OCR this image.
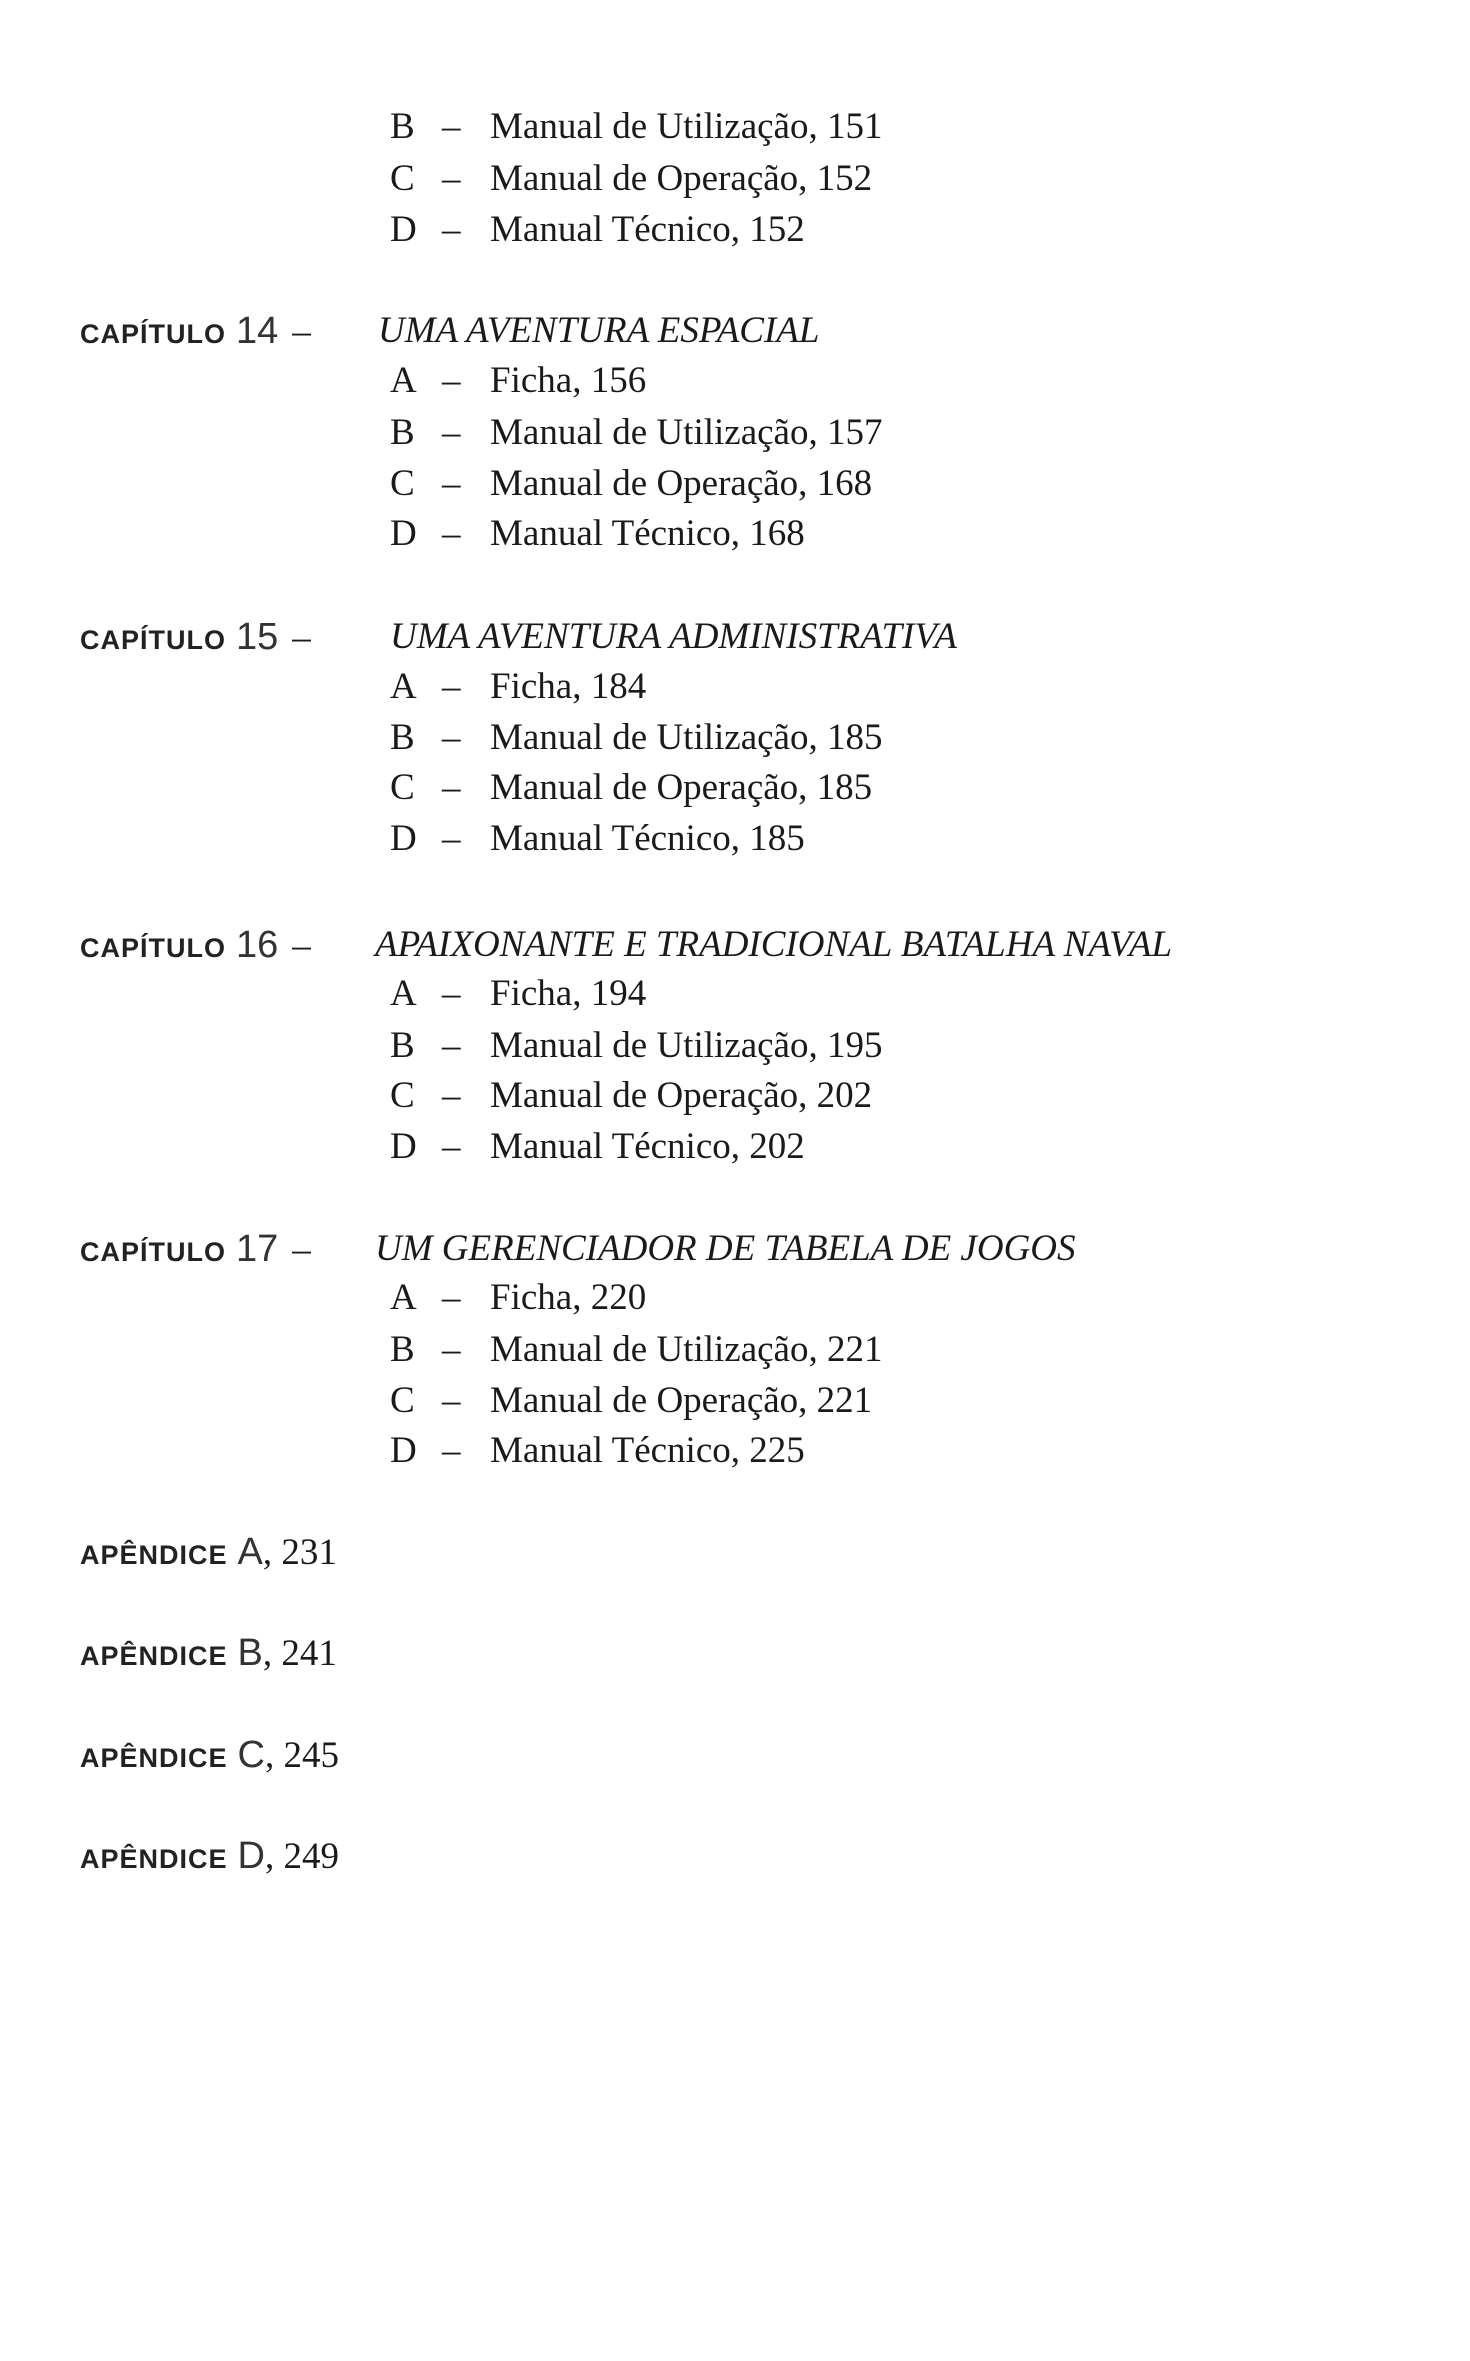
B – Manual de Utilização, 151
C – Manual de Operação, 152
D – Manual Técnico, 152
CAPÍTULO 14 – UMA AVENTURA ESPACIAL
A – Ficha, 156
B – Manual de Utilização, 157
C – Manual de Operação, 168
D – Manual Técnico, 168
CAPÍTULO 15 – UMA AVENTURA ADMINISTRATIVA
A – Ficha, 184
B – Manual de Utilização, 185
C – Manual de Operação, 185
D – Manual Técnico, 185
CAPÍTULO 16 – APAIXONANTE E TRADICIONAL BATALHA NAVAL
A – Ficha, 194
B – Manual de Utilização, 195
C – Manual de Operação, 202
D – Manual Técnico, 202
CAPÍTULO 17 – UM GERENCIADOR DE TABELA DE JOGOS
A – Ficha, 220
B – Manual de Utilização, 221
C – Manual de Operação, 221
D – Manual Técnico, 225
APÊNDICE A , 231
APÊNDICE B , 241
APÊNDICE C , 245
APÊNDICE D , 249
